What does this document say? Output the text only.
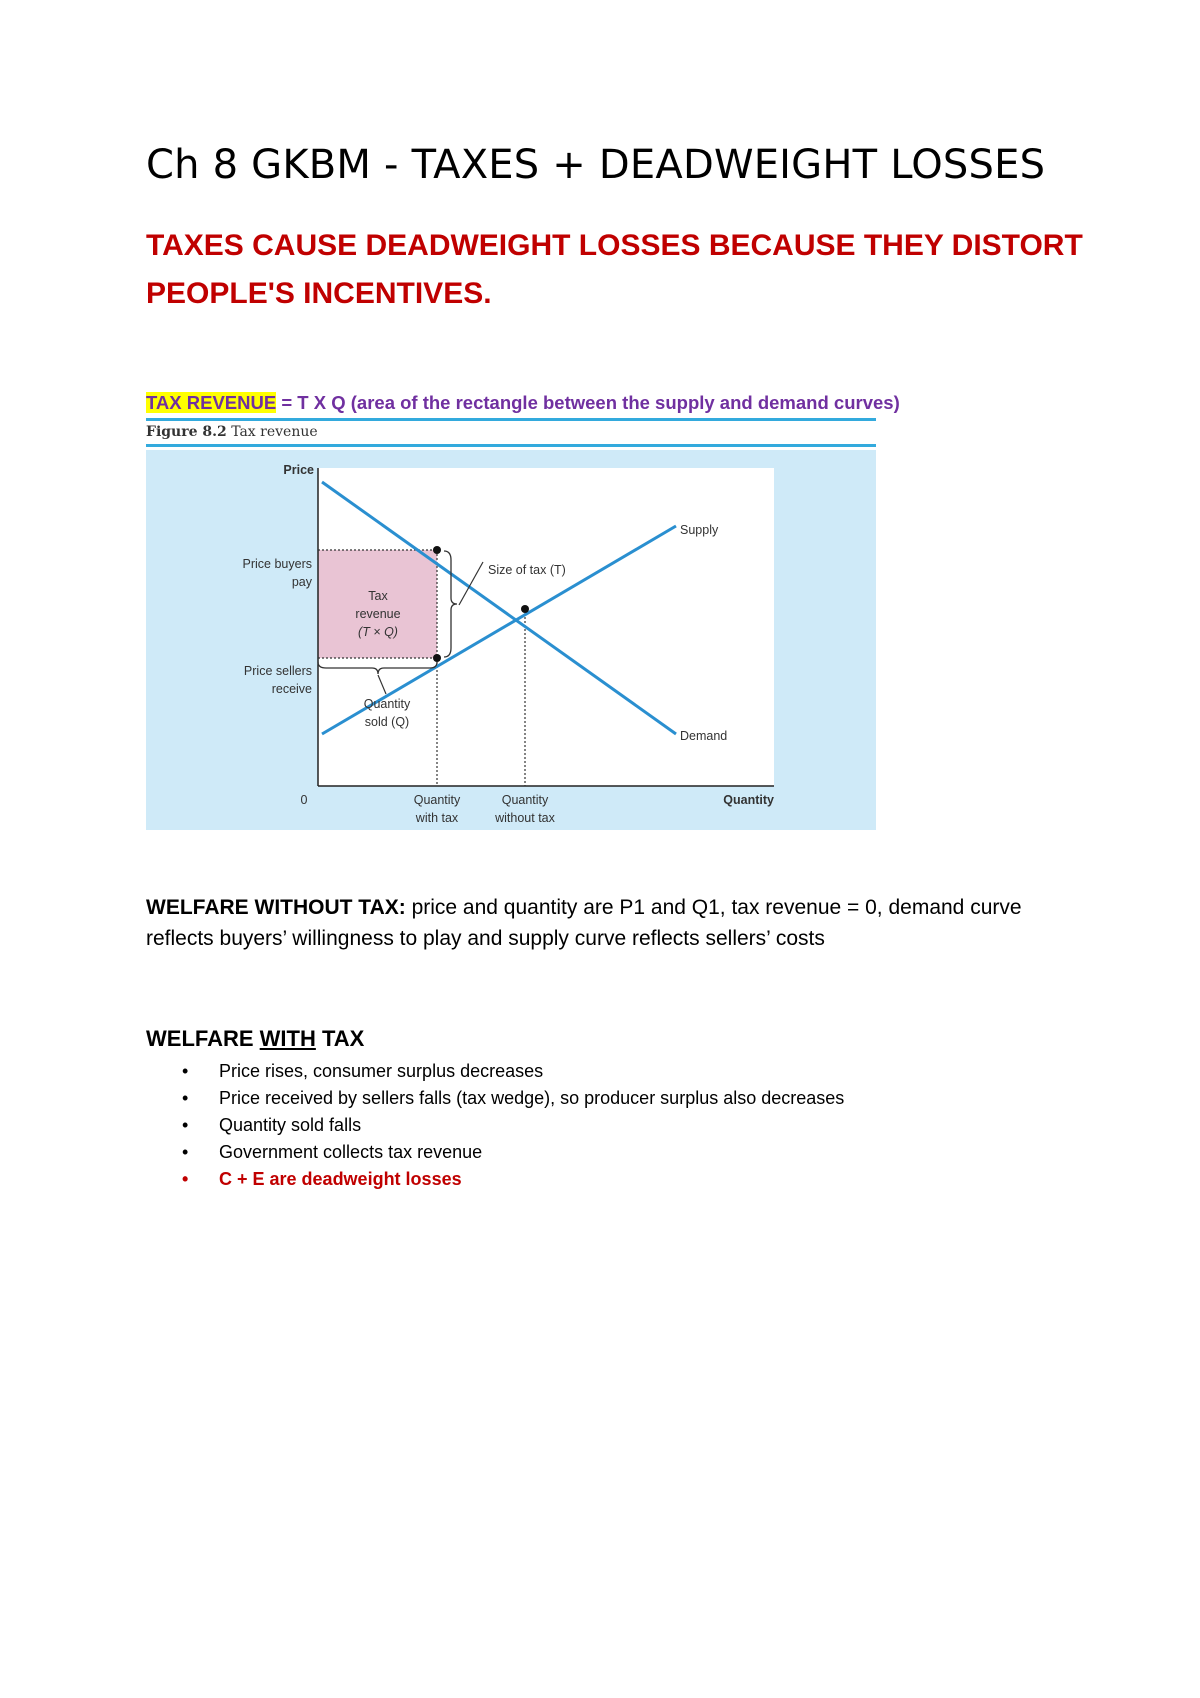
Ch 8 GKBM - TAXES + DEADWEIGHT LOSSES

TAXES CAUSE DEADWEIGHT LOSSES BECAUSE THEY DISTORT PEOPLE'S INCENTIVES.

TAX REVENUE = T X Q (area of the rectangle between the supply and demand curves)
Figure 8.2 Tax revenue
Price
Quantity
0
Price buyers
pay
Price sellers
receive
Tax
revenue
(T × Q)
Size of tax (T)
Quantity
sold (Q)
Supply
Demand
Quantity
with tax
Quantity
without tax

WELFARE WITHOUT TAX: price and quantity are P1 and Q1, tax revenue = 0, demand curve reflects buyers’ willingness to play and supply curve reflects sellers’ costs

WELFARE WITH TAX
• Price rises, consumer surplus decreases
• Price received by sellers falls (tax wedge), so producer surplus also decreases
• Quantity sold falls
• Government collects tax revenue
• C + E are deadweight losses
